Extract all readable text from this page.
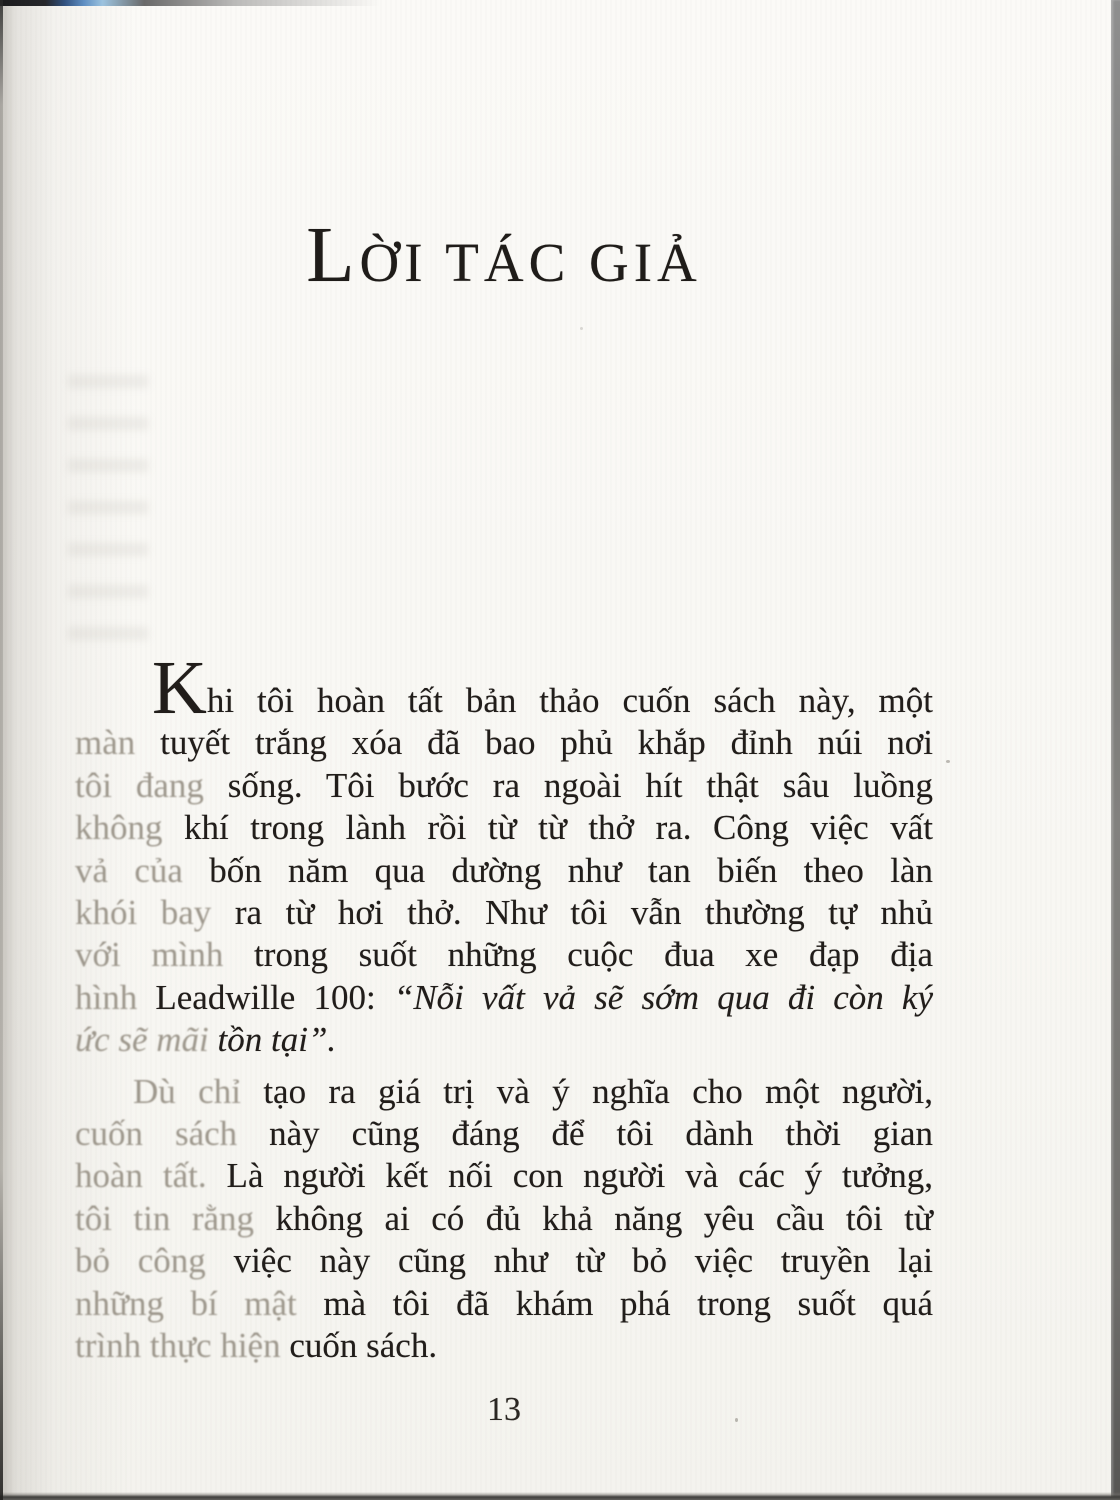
LỜI TÁC GIẢ
Khi tôi hoàn tất bản thảo cuốn sách này, một
màn tuyết trắng xóa đã bao phủ khắp đỉnh núi nơi
tôi đang sống. Tôi bước ra ngoài hít thật sâu luồng
không khí trong lành rồi từ từ thở ra. Công việc vất
vả của bốn năm qua dường như tan biến theo làn
khói bay ra từ hơi thở. Như tôi vẫn thường tự nhủ
với mình trong suốt những cuộc đua xe đạp địa
hình Leadwille 100: “Nỗi vất vả sẽ sớm qua đi còn ký
ức sẽ mãi tồn tại”.
Dù chỉ tạo ra giá trị và ý nghĩa cho một người,
cuốn sách này cũng đáng để tôi dành thời gian
hoàn tất. Là người kết nối con người và các ý tưởng,
tôi tin rằng không ai có đủ khả năng yêu cầu tôi từ
bỏ công việc này cũng như từ bỏ việc truyền lại
những bí mật mà tôi đã khám phá trong suốt quá
trình thực hiện cuốn sách.
13
